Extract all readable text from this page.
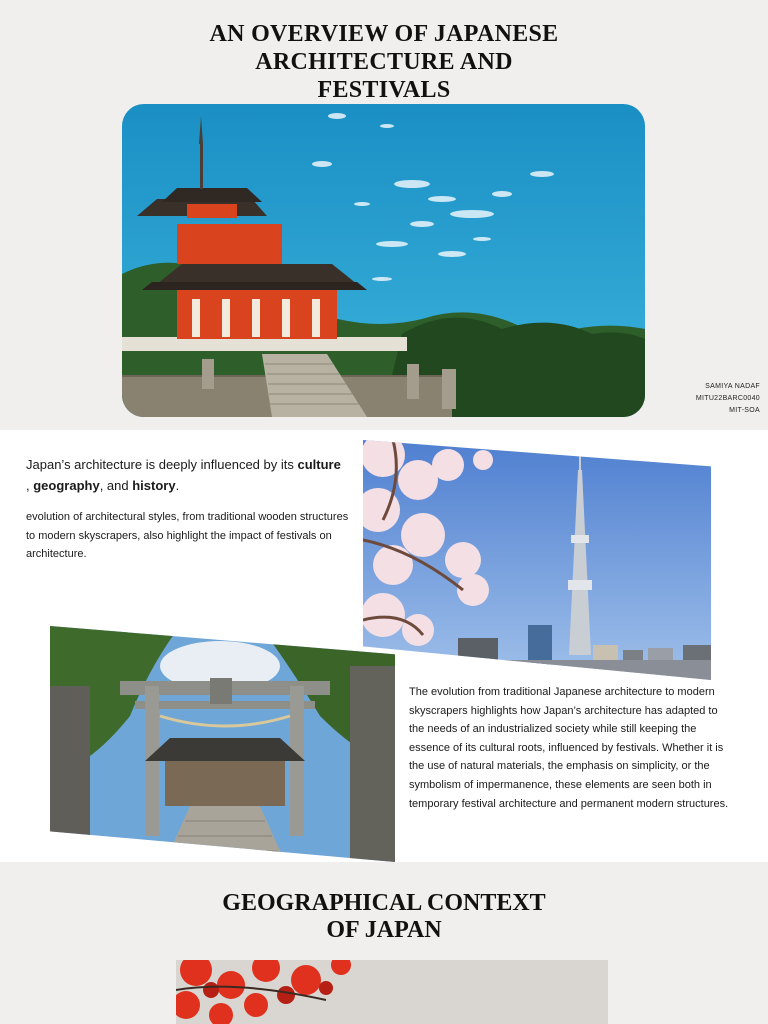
AN OVERVIEW OF JAPANESE
ARCHITECTURE AND
FESTIVALS
SAMIYA NADAF
MITU22BARC0040
MIT-SOA

Japan’s architecture is deeply influenced by its culture , geography, and history.

evolution of architectural styles, from traditional wooden structures to modern skyscrapers, also highlight the impact of festivals on architecture.

The evolution from traditional Japanese architecture to modern skyscrapers highlights how Japan’s architecture has adapted to the needs of an industrialized society while still keeping the essence of its cultural roots, influenced by festivals. Whether it is the use of natural materials, the emphasis on simplicity, or the symbolism of impermanence, these elements are seen both in temporary festival architecture and permanent modern structures.

GEOGRAPHICAL CONTEXT
OF JAPAN
